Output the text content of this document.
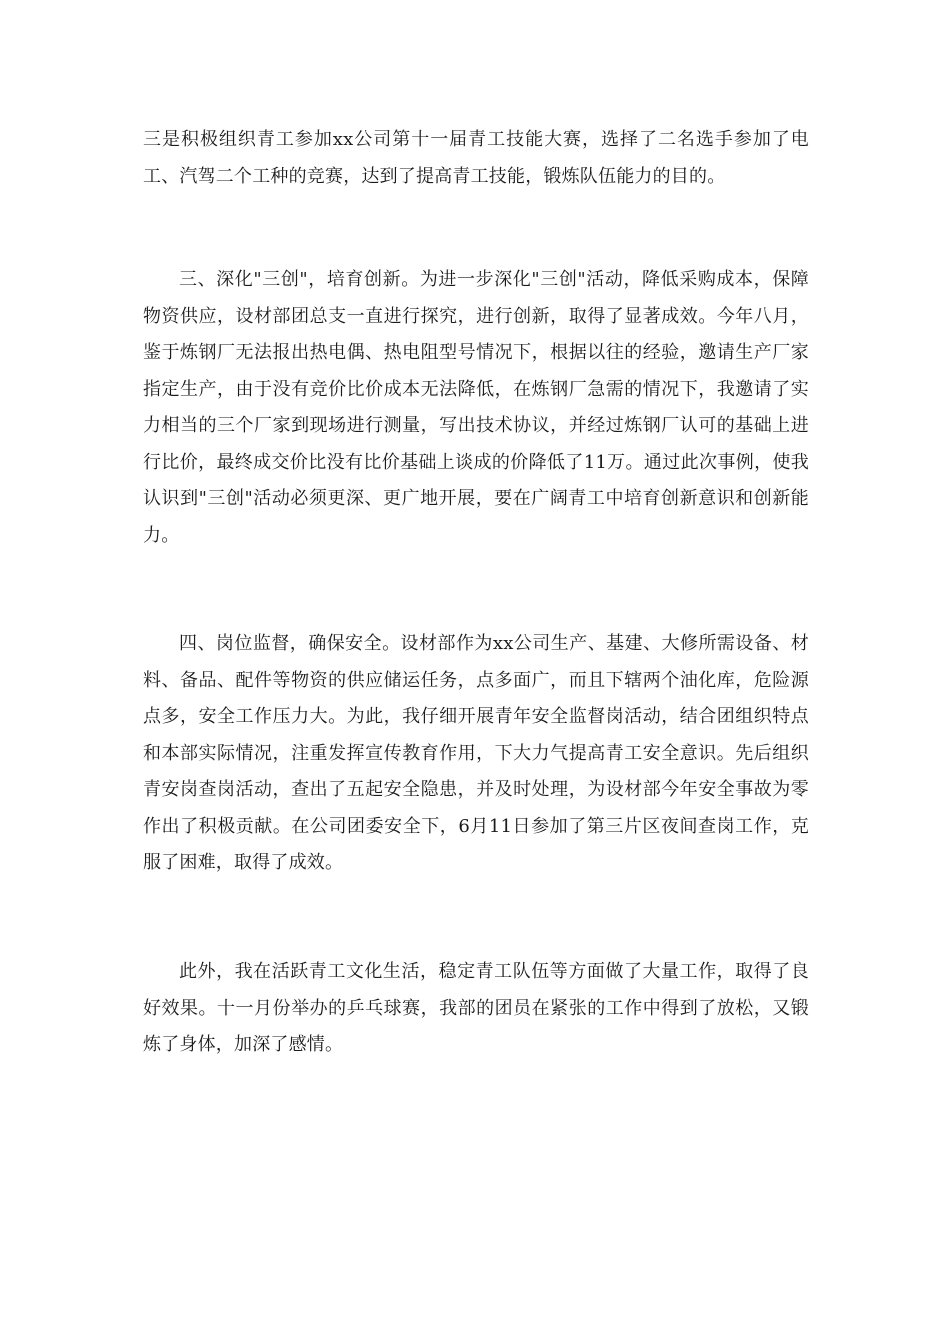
三是积极组织青工参加xx公司第十一届青工技能大赛，选择了二名选手参加了电工、汽驾二个工种的竞赛，达到了提高青工技能，锻炼队伍能力的目的。

三、深化"三创"，培育创新。为进一步深化"三创"活动，降低采购成本，保障物资供应，设材部团总支一直进行探究，进行创新，取得了显著成效。今年八月，鉴于炼钢厂无法报出热电偶、热电阻型号情况下，根据以往的经验，邀请生产厂家指定生产，由于没有竞价比价成本无法降低，在炼钢厂急需的情况下，我邀请了实力相当的三个厂家到现场进行测量，写出技术协议，并经过炼钢厂认可的基础上进行比价，最终成交价比没有比价基础上谈成的价降低了11万。通过此次事例，使我认识到"三创"活动必须更深、更广地开展，要在广阔青工中培育创新意识和创新能力。

四、岗位监督，确保安全。设材部作为xx公司生产、基建、大修所需设备、材料、备品、配件等物资的供应储运任务，点多面广，而且下辖两个油化库，危险源点多，安全工作压力大。为此，我仔细开展青年安全监督岗活动，结合团组织特点和本部实际情况，注重发挥宣传教育作用，下大力气提高青工安全意识。先后组织青安岗查岗活动，查出了五起安全隐患，并及时处理，为设材部今年安全事故为零作出了积极贡献。在公司团委安全下，6月11日参加了第三片区夜间查岗工作，克服了困难，取得了成效。

此外，我在活跃青工文化生活，稳定青工队伍等方面做了大量工作，取得了良好效果。十一月份举办的乒乓球赛，我部的团员在紧张的工作中得到了放松，又锻炼了身体，加深了感情。
